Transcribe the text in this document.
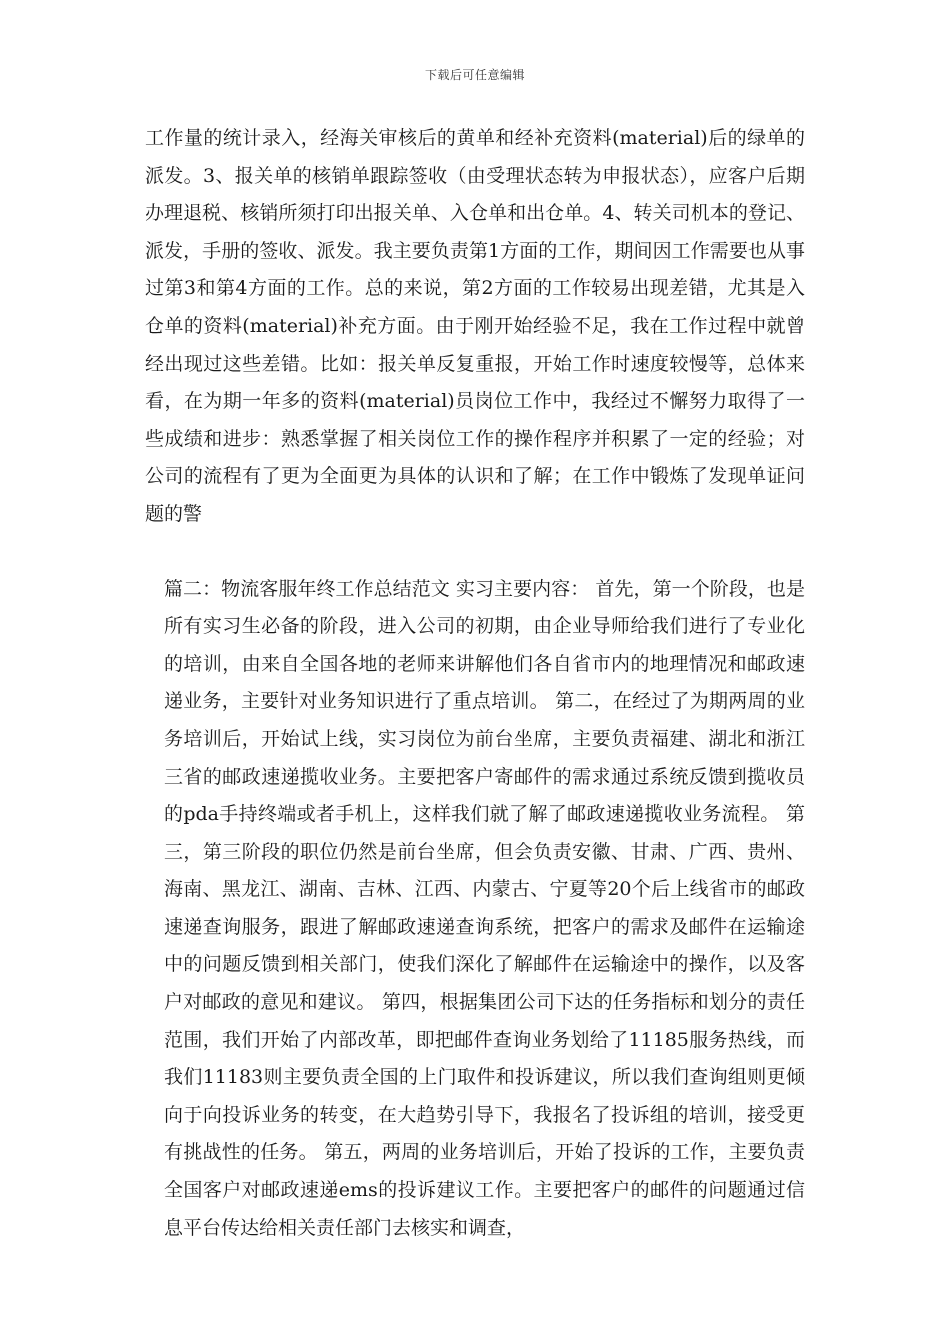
下载后可任意编辑

工作量的统计录入，经海关审核后的黄单和经补充资料(material)后的绿单的派发。3、报关单的核销单跟踪签收（由受理状态转为申报状态），应客户后期办理退税、核销所须打印出报关单、入仓单和出仓单。4、转关司机本的登记、派发，手册的签收、派发。我主要负责第1方面的工作，期间因工作需要也从事过第3和第4方面的工作。总的来说，第2方面的工作较易出现差错，尤其是入仓单的资料(material)补充方面。由于刚开始经验不足，我在工作过程中就曾经出现过这些差错。比如：报关单反复重报，开始工作时速度较慢等，总体来看，在为期一年多的资料(material)员岗位工作中，我经过不懈努力取得了一些成绩和进步：熟悉掌握了相关岗位工作的操作程序并积累了一定的经验；对公司的流程有了更为全面更为具体的认识和了解；在工作中锻炼了发现单证问题的警

篇二：物流客服年终工作总结范文 实习主要内容： 首先，第一个阶段，也是所有实习生必备的阶段，进入公司的初期，由企业导师给我们进行了专业化的培训，由来自全国各地的老师来讲解他们各自省市内的地理情况和邮政速递业务，主要针对业务知识进行了重点培训。 第二，在经过了为期两周的业务培训后，开始试上线，实习岗位为前台坐席，主要负责福建、湖北和浙江三省的邮政速递揽收业务。主要把客户寄邮件的需求通过系统反馈到揽收员的pda手持终端或者手机上，这样我们就了解了邮政速递揽收业务流程。 第三，第三阶段的职位仍然是前台坐席，但会负责安徽、甘肃、广西、贵州、海南、黑龙江、湖南、吉林、江西、内蒙古、宁夏等20个后上线省市的邮政速递查询服务，跟进了解邮政速递查询系统，把客户的需求及邮件在运输途中的问题反馈到相关部门，使我们深化了解邮件在运输途中的操作，以及客户对邮政的意见和建议。 第四，根据集团公司下达的任务指标和划分的责任范围，我们开始了内部改革，即把邮件查询业务划给了11185服务热线，而我们11183则主要负责全国的上门取件和投诉建议，所以我们查询组则更倾向于向投诉业务的转变，在大趋势引导下，我报名了投诉组的培训，接受更有挑战性的任务。 第五，两周的业务培训后，开始了投诉的工作，主要负责全国客户对邮政速递ems的投诉建议工作。主要把客户的邮件的问题通过信息平台传达给相关责任部门去核实和调查，
